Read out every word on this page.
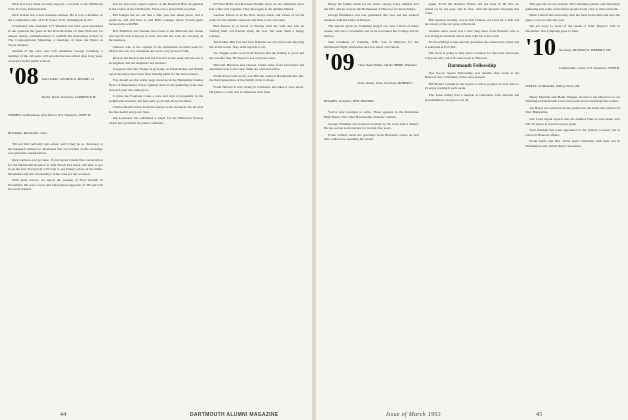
Dick and Lucy Kent recently enjoyed a vacation at the Millbrook Club, Pocono, Pennsylvania.

Dick Searles has a new business address. He is now a member of the Continental Club, 1612 K Street, N.W., Washington 6, D.C.

Classmates who attended 'o7's Reunion last June were interested in the opinions the guest in the Bowsill home on their 80th and 1st unique during commencement to publish his interesting lecture in The Congregational Magazine, a marriage of Jesse the Pastor at Tryon, Kansas.

Alumni of the class who will remember George Coleman, a member of the old team, will note that he has retired after forty years of service in the public schools.

'08 Notes Editor, GEORGE A. MOORE, 14 Parker Street, Secretary, LAWRENCE M. SYMMES, 24 Broadway, New York 4, N.Y. Treasurer, JOHN W. HOLMAN, Talcottville, Conn.

'I'm sad that verbosity rule exists,' and it may be so. Secretary at his inaugural address in developed that an accident on the exchange was given his consideration.

Dick Lamson and get here. If you haven't made that conversation for the Dartmouth Reunion at Vale Beach Inn, there still time to get in on the fun. Everybody will want to see Fanny's place in the White Mountains and the old standbys of the class for the occasion.

With great sorrow, we report the passing of Fred Wardell in November. He was a loyal and big-hearted supporter of '08 and will be sorely missed.

and we also have expect reports of the Baseball Hall recognition in the corner of the Old Ranch. There was a grand time recalled.

Bill Knight has let out that a fine year has taken place, and it seems he will still have to pull Bill's younger ranch. Fourth game Jacksonville with Bill.

Bob Hamilton and Jeannie have been to the Midwest this winter and reports that everyone is well, and that the sons are carrying on the business.

Johnson who is the captain of the Dartmouth football team for 1932 is the son of a classmate and we're very proud of him.

Dick in the Boston has had his forward in the team and his son is an engineer and his daughters are teachers.

It appears that Our Troupe is growing, as Frank Parker and Jimmy report that they have been busy making plans for the next reunion.

You should see the whole page about us in the Hampshire Sunday News of Manchester. Every summer there is the gathering at the lake and each year the ranks grow.

It gives me Fourteen cooks a sure and sign of prosperity in the neighborhood lunch. We had some good talk about old times.

Charles Bedell writes from his station at the Soonuch. We all wish his fine health and good cheer.

Jim Lawrence has published a paper for the Historical Society which has got much favorable comment.

Ed West Heinz and Rowland Wright, since we are reminded, have had a fine visit together. They met again at the Alumni Dinner.

Gardner Moore is in his New Jersey ranch, but writes of all his plans for the summer reunions and time at the old camp.

Ben Reeves is to travel to Europe with his wife and will be visiting their old friends along the way. We wish them a happy journey.

Ted Parker, Bill Fox and Jack Wheeler are all retired and enjoying life in the south. They send regards to all.

Joe Wiggin sends word from Florida that the fishing is good and the weather fine. He hopes to see everyone soon.

Hartwell Harrison and Chester Cutler write from Cleveland and send their best to the class. Both are well and active.

Frank Rowe tells us his son Bill has entered Dartmouth this fall, the third generation of the family at the College.

Frank Harvell is now living in California and likes it very much. He plans to come east for Reunion next June.

44	DARTMOUTH ALUMNI MAGAZINE

Henry the family heads for the north country every summer and the Mrs. and he were in the Homestead at Hanover for the holidays.

George Plummer's son was graduated this year and has entered business with his father in Boston.

The speech given by Cushman ringed out over a field of many weeks, and was a wonderful one as he recounted the College and its history.

Sam Cushman of Franklin, N.H., was in Hanover for the Dartmouth Night celebration and saw many old friends.

'09 Class Notes Editor, JACK CHERE, Plummer Trail, Sutton, Ohio. Secretary, ROBERT J. HOLMES, Treasurer, NEW HOLMES.

You've sure nowhere to write. These appears in the Pembroke High Times 'Our Chief Honourable Citizens' column.

George Williams was honored recently by his town with a dinner. He has served as moderator for twenty-five years.

Frank Gilbert sends his greetings from Honolulu where he and Mrs. Gilbert are spending the winter.

again. 'From the Nation's Vision.' All the class of '09 who are pulled on by the past, and its fine, with the pleasant thoughts that come.

Bill Spencer recently was in this famous old town for a visit and met many of the old gang at the hotel.

Another news event was a nice long letter from Plaisted, who is now living in Vermont and is busy with his town work.

Ed Trowbridge writes that his grandson has entered the Army and is stationed at Fort Dix.

Jim Scott is going to help plan a reunion for this June and hopes everyone who can will come back to Hanover.

Dartmouth Fellowship

Our Soccer Sports Fellowship was another fine event at the Hanover Inn, with many of the class present.

Bill Bond's column in the Globe is still as popular as ever and we all enjoy reading it each week.

The Jones family had a reunion at Christmas with children and grandchildren, twenty-two in all.

This gets the record straight. The Christmas parties and Saturday's gathering had some of the finest people in the class to meet and talk.

Hank Cottrell has been busy with his farm in the hills and says the apple crop was fine this year.

We are sorry to learn of the death of John Thayer's wife in December. Our sympathy goes to John.

'10 Secretary, RUSSELL E. MERRITT, 336 Calhoun Rd., Chase, N.Y. Treasurer, JOHN R. STEELE, 63 Road Rd., Kittery Point, Me.

Henry Mitchell and 'Hank' Wagner, elected to the Directors of our Washington Dartmouth Club, have held several meetings this winter.

Joe Hayes has retired from his position in the bank and will live in New Hampshire.

Our Class Agent reports that the Alumni Fund is well under way and '10 hopes to reach its quota again.

Walt Kimball has been appointed to the Library Council and is active in Hanover affairs.

Frank Tuttle and Mrs. Tuttle spent Christmas with their son in Washington and visited many classmates.

Issue of March 1953	45
